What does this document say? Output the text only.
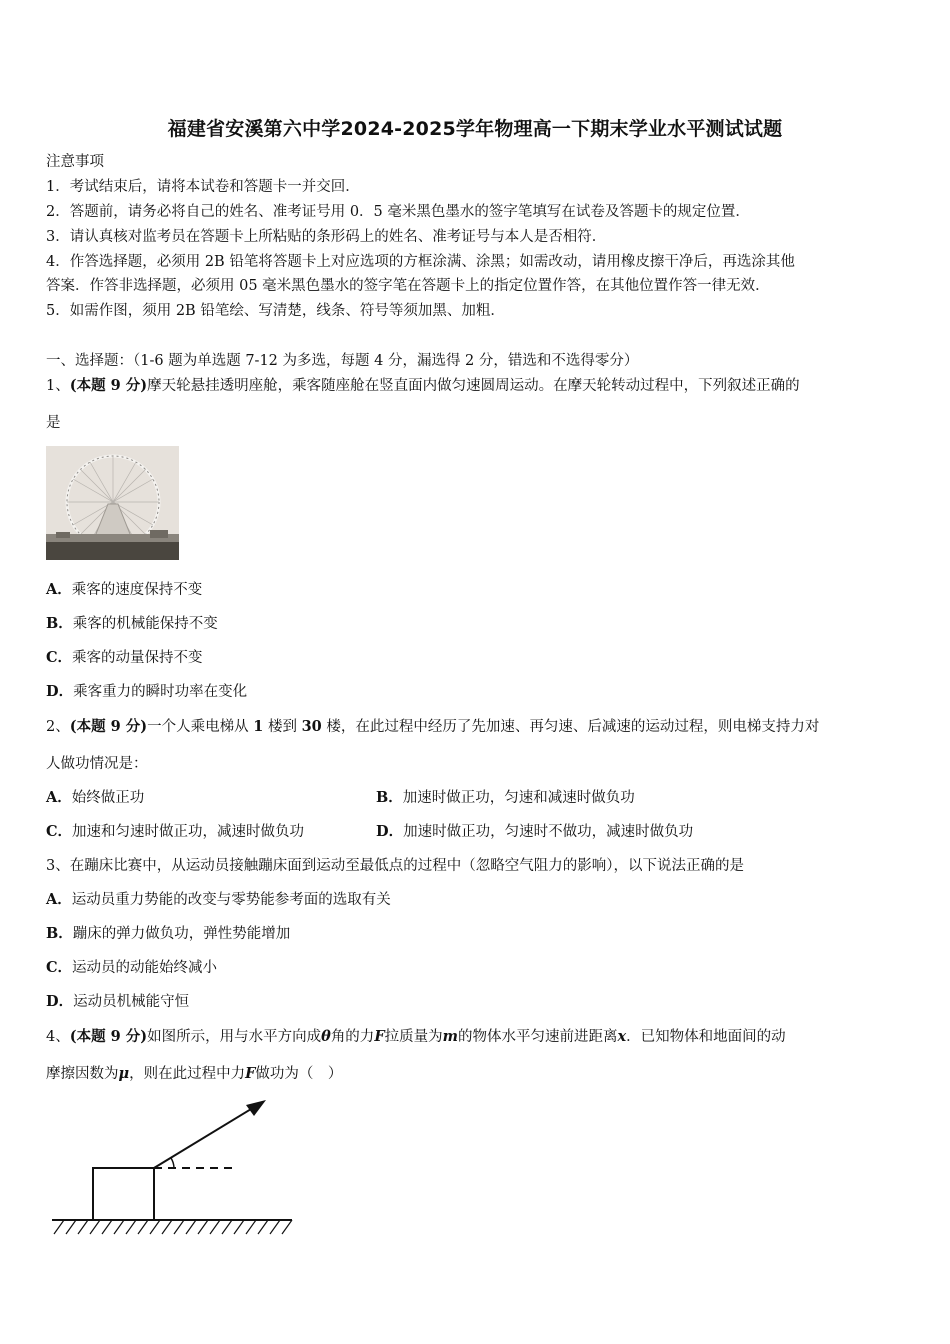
福建省安溪第六中学2024-2025学年物理高一下期末学业水平测试试题
注意事项
1．考试结束后，请将本试卷和答题卡一并交回．
2．答题前，请务必将自己的姓名、准考证号用 0．5 毫米黑色墨水的签字笔填写在试卷及答题卡的规定位置．
3．请认真核对监考员在答题卡上所粘贴的条形码上的姓名、准考证号与本人是否相符．
4．作答选择题，必须用 2B 铅笔将答题卡上对应选项的方框涂满、涂黑；如需改动，请用橡皮擦干净后，再选涂其他
答案．作答非选择题，必须用 05 毫米黑色墨水的签字笔在答题卡上的指定位置作答，在其他位置作答一律无效．
5．如需作图，须用 2B 铅笔绘、写清楚，线条、符号等须加黑、加粗．
一、选择题：（1-6 题为单选题 7-12 为多选，每题 4 分，漏选得 2 分，错选和不选得零分）
1、(本题 9 分)摩天轮悬挂透明座舱，乘客随座舱在竖直面内做匀速圆周运动。在摩天轮转动过程中，下列叙述正确的
是
A．乘客的速度保持不变
B．乘客的机械能保持不变
C．乘客的动量保持不变
D．乘客重力的瞬时功率在变化
2、(本题 9 分)一个人乘电梯从 1 楼到 30 楼，在此过程中经历了先加速、再匀速、后减速的运动过程，则电梯支持力对
人做功情况是：
A．始终做正功	B．加速时做正功，匀速和减速时做负功
C．加速和匀速时做正功，减速时做负功	D．加速时做正功，匀速时不做功，减速时做负功
3、在蹦床比赛中，从运动员接触蹦床面到运动至最低点的过程中（忽略空气阻力的影响），以下说法正确的是
A．运动员重力势能的改变与零势能参考面的选取有关
B．蹦床的弹力做负功，弹性势能增加
C．运动员的动能始终减小
D．运动员机械能守恒
4、(本题 9 分)如图所示，用与水平方向成θ角的力F拉质量为m的物体水平匀速前进距离x．已知物体和地面间的动
摩擦因数为μ，则在此过程中力F做功为（　）
